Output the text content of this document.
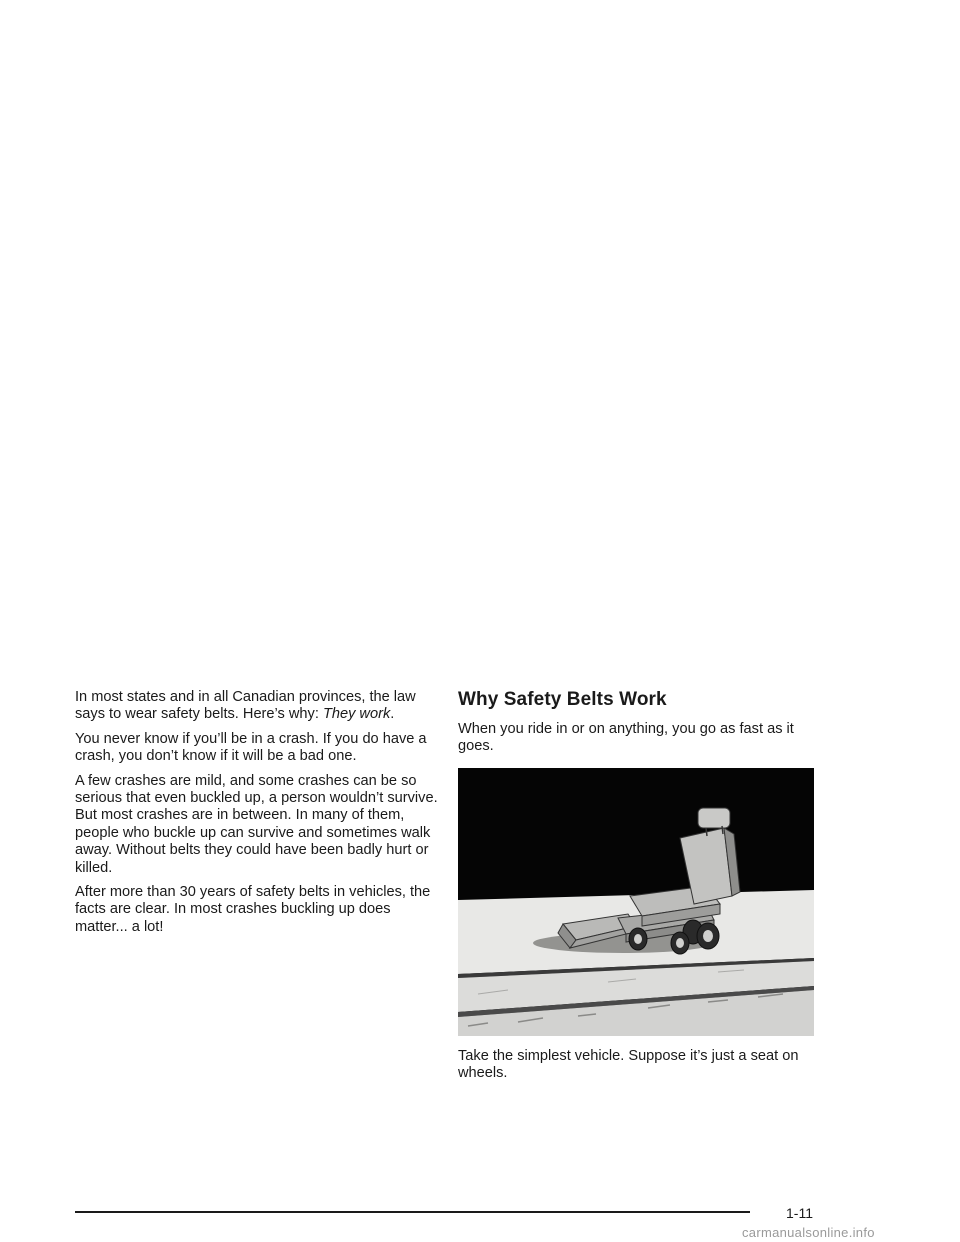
In most states and in all Canadian provinces, the law says to wear safety belts. Here’s why: They work.

You never know if you’ll be in a crash. If you do have a crash, you don’t know if it will be a bad one.

A few crashes are mild, and some crashes can be so serious that even buckled up, a person wouldn’t survive. But most crashes are in between. In many of them, people who buckle up can survive and sometimes walk away. Without belts they could have been badly hurt or killed.

After more than 30 years of safety belts in vehicles, the facts are clear. In most crashes buckling up does matter... a lot!

Why Safety Belts Work

When you ride in or on anything, you go as fast as it goes.

Take the simplest vehicle. Suppose it’s just a seat on wheels.

1-11
carmanualsonline.info
